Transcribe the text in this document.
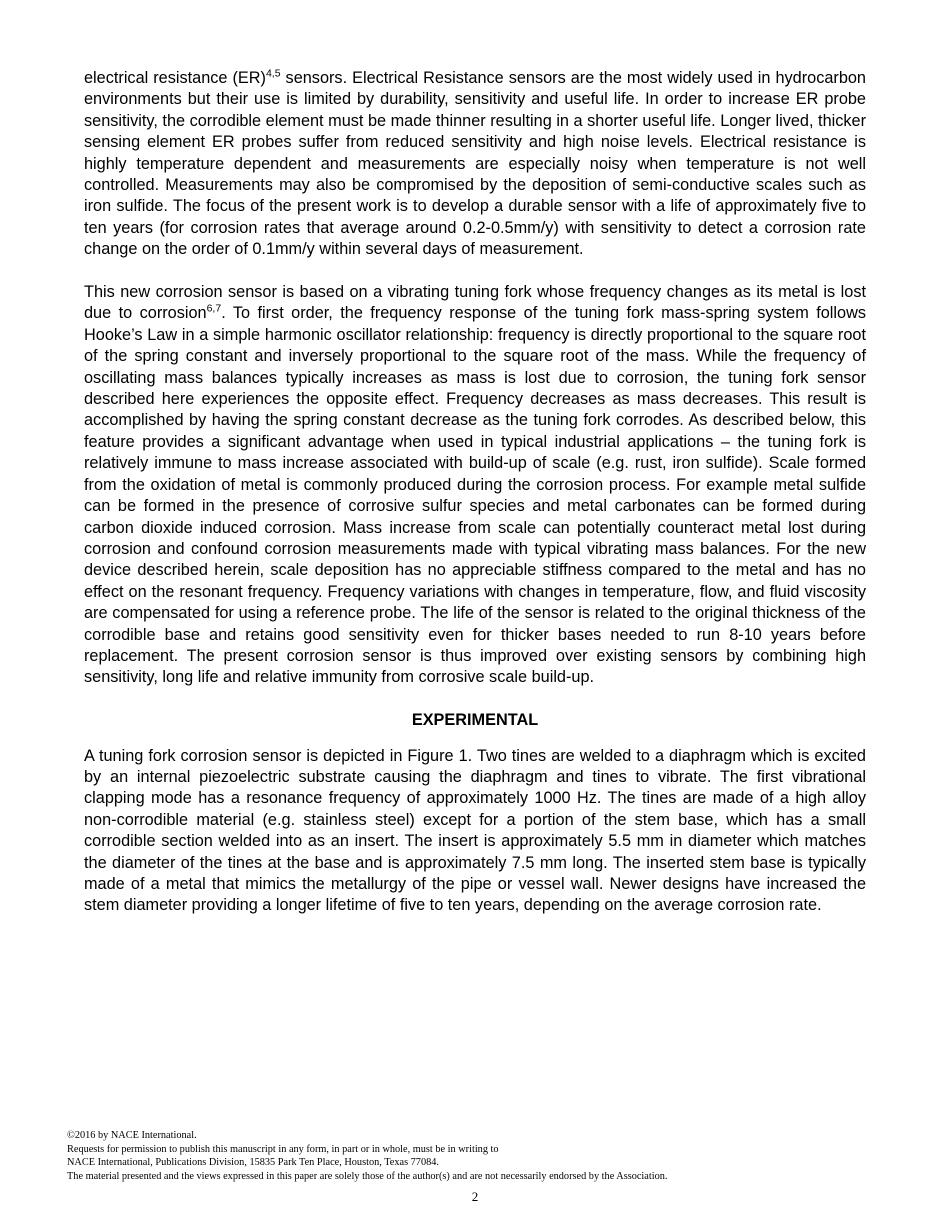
electrical resistance (ER)$^{4,5}$ sensors. Electrical Resistance sensors are the most widely used in hydrocarbon environments but their use is limited by durability, sensitivity and useful life. In order to increase ER probe sensitivity, the corrodible element must be made thinner resulting in a shorter useful life. Longer lived, thicker sensing element ER probes suffer from reduced sensitivity and high noise levels. Electrical resistance is highly temperature dependent and measurements are especially noisy when temperature is not well controlled. Measurements may also be compromised by the deposition of semi-conductive scales such as iron sulfide. The focus of the present work is to develop a durable sensor with a life of approximately five to ten years (for corrosion rates that average around 0.2-0.5mm/y) with sensitivity to detect a corrosion rate change on the order of 0.1mm/y within several days of measurement.

This new corrosion sensor is based on a vibrating tuning fork whose frequency changes as its metal is lost due to corrosion$^{6,7}$. To first order, the frequency response of the tuning fork mass-spring system follows Hooke’s Law in a simple harmonic oscillator relationship: frequency is directly proportional to the square root of the spring constant and inversely proportional to the square root of the mass. While the frequency of oscillating mass balances typically increases as mass is lost due to corrosion, the tuning fork sensor described here experiences the opposite effect. Frequency decreases as mass decreases. This result is accomplished by having the spring constant decrease as the tuning fork corrodes. As described below, this feature provides a significant advantage when used in typical industrial applications – the tuning fork is relatively immune to mass increase associated with build-up of scale (e.g. rust, iron sulfide). Scale formed from the oxidation of metal is commonly produced during the corrosion process. For example metal sulfide can be formed in the presence of corrosive sulfur species and metal carbonates can be formed during carbon dioxide induced corrosion. Mass increase from scale can potentially counteract metal lost during corrosion and confound corrosion measurements made with typical vibrating mass balances. For the new device described herein, scale deposition has no appreciable stiffness compared to the metal and has no effect on the resonant frequency. Frequency variations with changes in temperature, flow, and fluid viscosity are compensated for using a reference probe. The life of the sensor is related to the original thickness of the corrodible base and retains good sensitivity even for thicker bases needed to run 8-10 years before replacement. The present corrosion sensor is thus improved over existing sensors by combining high sensitivity, long life and relative immunity from corrosive scale build-up.

EXPERIMENTAL

A tuning fork corrosion sensor is depicted in Figure 1. Two tines are welded to a diaphragm which is excited by an internal piezoelectric substrate causing the diaphragm and tines to vibrate. The first vibrational clapping mode has a resonance frequency of approximately 1000 Hz. The tines are made of a high alloy non-corrodible material (e.g. stainless steel) except for a portion of the stem base, which has a small corrodible section welded into as an insert. The insert is approximately 5.5 mm in diameter which matches the diameter of the tines at the base and is approximately 7.5 mm long. The inserted stem base is typically made of a metal that mimics the metallurgy of the pipe or vessel wall. Newer designs have increased the stem diameter providing a longer lifetime of five to ten years, depending on the average corrosion rate.

©2016 by NACE International.
Requests for permission to publish this manuscript in any form, in part or in whole, must be in writing to
NACE International, Publications Division, 15835 Park Ten Place, Houston, Texas 77084.
The material presented and the views expressed in this paper are solely those of the author(s) and are not necessarily endorsed by the Association.
2
